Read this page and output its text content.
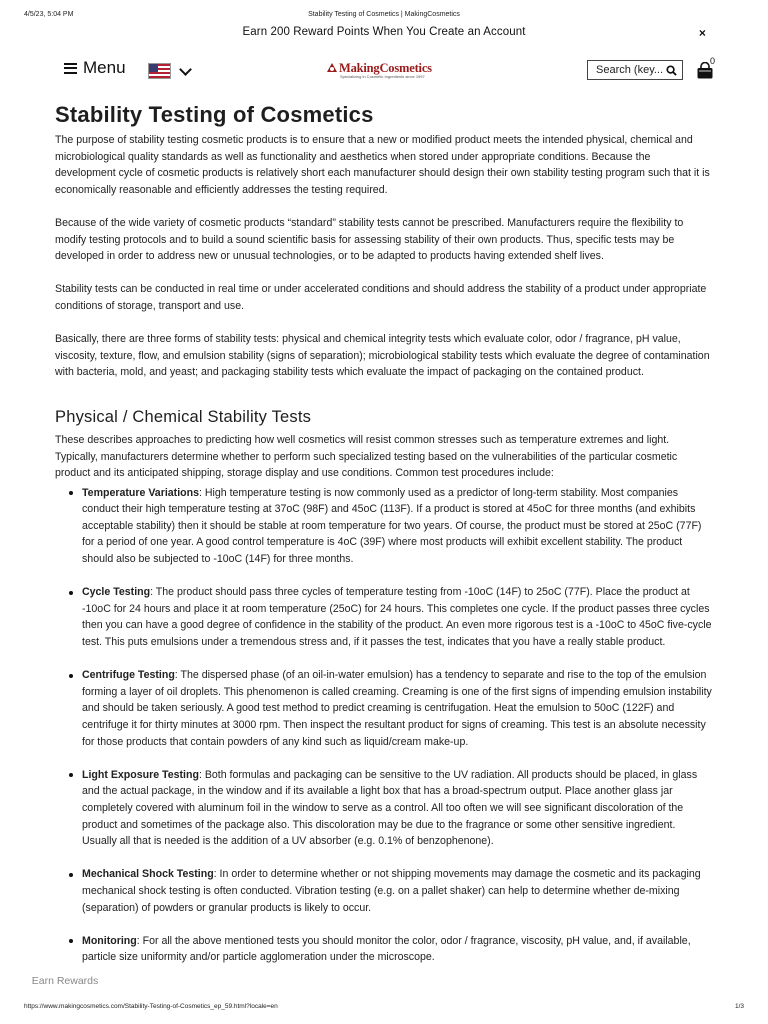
4/5/23, 5:04 PM	Stability Testing of Cosmetics | MakingCosmetics
Earn 200 Reward Points When You Create an Account	×
Menu	MakingCosmetics
Specializing in Cosmetic Ingredients since 1997
Search (key...
0
Stability Testing of Cosmetics

The purpose of stability testing cosmetic products is to ensure that a new or modified product meets the intended physical, chemical and microbiological quality standards as well as functionality and aesthetics when stored under appropriate conditions. Because the development cycle of cosmetic products is relatively short each manufacturer should design their own stability testing program such that it is economically reasonable and efficiently addresses the testing required.

Because of the wide variety of cosmetic products “standard” stability tests cannot be prescribed. Manufacturers require the flexibility to modify testing protocols and to build a sound scientific basis for assessing stability of their own products. Thus, specific tests may be developed in order to address new or unusual technologies, or to be adapted to products having extended shelf lives.

Stability tests can be conducted in real time or under accelerated conditions and should address the stability of a product under appropriate conditions of storage, transport and use.

Basically, there are three forms of stability tests: physical and chemical integrity tests which evaluate color, odor / fragrance, pH value, viscosity, texture, flow, and emulsion stability (signs of separation); microbiological stability tests which evaluate the degree of contamination with bacteria, mold, and yeast; and packaging stability tests which evaluate the impact of packaging on the contained product.

Physical / Chemical Stability Tests

These describes approaches to predicting how well cosmetics will resist common stresses such as temperature extremes and light. Typically, manufacturers determine whether to perform such specialized testing based on the vulnerabilities of the particular cosmetic product and its anticipated shipping, storage display and use conditions. Common test procedures include:

Temperature Variations: High temperature testing is now commonly used as a predictor of long-term stability. Most companies conduct their high temperature testing at 37oC (98F) and 45oC (113F). If a product is stored at 45oC for three months (and exhibits acceptable stability) then it should be stable at room temperature for two years. Of course, the product must be stored at 25oC (77F) for a period of one year. A good control temperature is 4oC (39F) where most products will exhibit excellent stability. The product should also be subjected to -10oC (14F) for three months.
Cycle Testing: The product should pass three cycles of temperature testing from -10oC (14F) to 25oC (77F). Place the product at -10oC for 24 hours and place it at room temperature (25oC) for 24 hours. This completes one cycle. If the product passes three cycles then you can have a good degree of confidence in the stability of the product. An even more rigorous test is a -10oC to 45oC five-cycle test. This puts emulsions under a tremendous stress and, if it passes the test, indicates that you have a really stable product.
Centrifuge Testing: The dispersed phase (of an oil-in-water emulsion) has a tendency to separate and rise to the top of the emulsion forming a layer of oil droplets. This phenomenon is called creaming. Creaming is one of the first signs of impending emulsion instability and should be taken seriously. A good test method to predict creaming is centrifugation. Heat the emulsion to 50oC (122F) and centrifuge it for thirty minutes at 3000 rpm. Then inspect the resultant product for signs of creaming. This test is an absolute necessity for those products that contain powders of any kind such as liquid/cream make-up.
Light Exposure Testing: Both formulas and packaging can be sensitive to the UV radiation. All products should be placed, in glass and the actual package, in the window and if its available a light box that has a broad-spectrum output. Place another glass jar completely covered with aluminum foil in the window to serve as a control. All too often we will see significant discoloration of the product and sometimes of the package also. This discoloration may be due to the fragrance or some other sensitive ingredient. Usually all that is needed is the addition of a UV absorber (e.g. 0.1% of benzophenone).
Mechanical Shock Testing: In order to determine whether or not shipping movements may damage the cosmetic and its packaging mechanical shock testing is often conducted. Vibration testing (e.g. on a pallet shaker) can help to determine whether de-mixing (separation) of powders or granular products is likely to occur.
Monitoring: For all the above mentioned tests you should monitor the color, odor / fragrance, viscosity, pH value, and, if available, particle size uniformity and/or particle agglomeration under the microscope.
Earn Rewards
https://www.makingcosmetics.com/Stability-Testing-of-Cosmetics_ep_59.html?locale=en	1/3
